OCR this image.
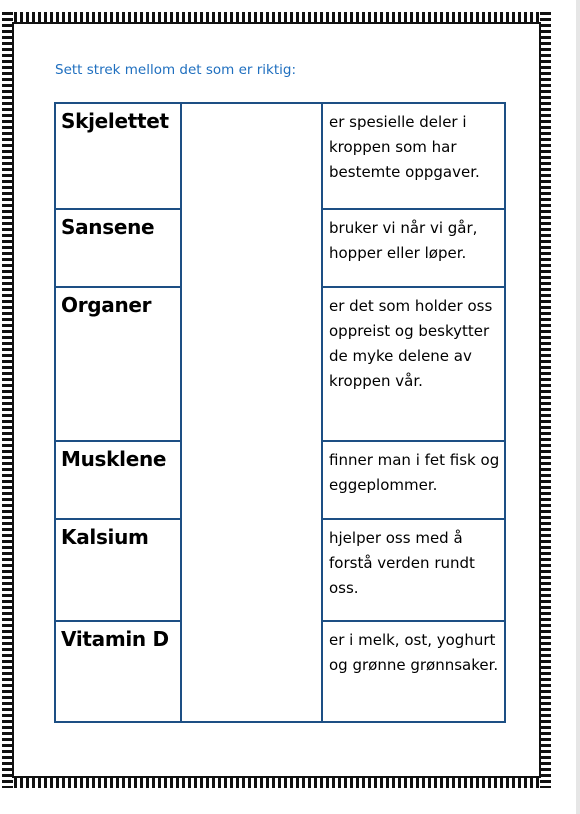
Sett strek mellom det som er riktig:
Skjelettet	er spesielle deler i kroppen som har bestemte oppgaver.
Sansene	bruker vi når vi går, hopper eller løper.
Organer	er det som holder oss oppreist og beskytter de myke delene av kroppen vår.
Musklene	finner man i fet fisk og eggeplommer.
Kalsium	hjelper oss med å forstå verden rundt oss.
Vitamin D	er i melk, ost, yoghurt og grønne grønnsaker.
